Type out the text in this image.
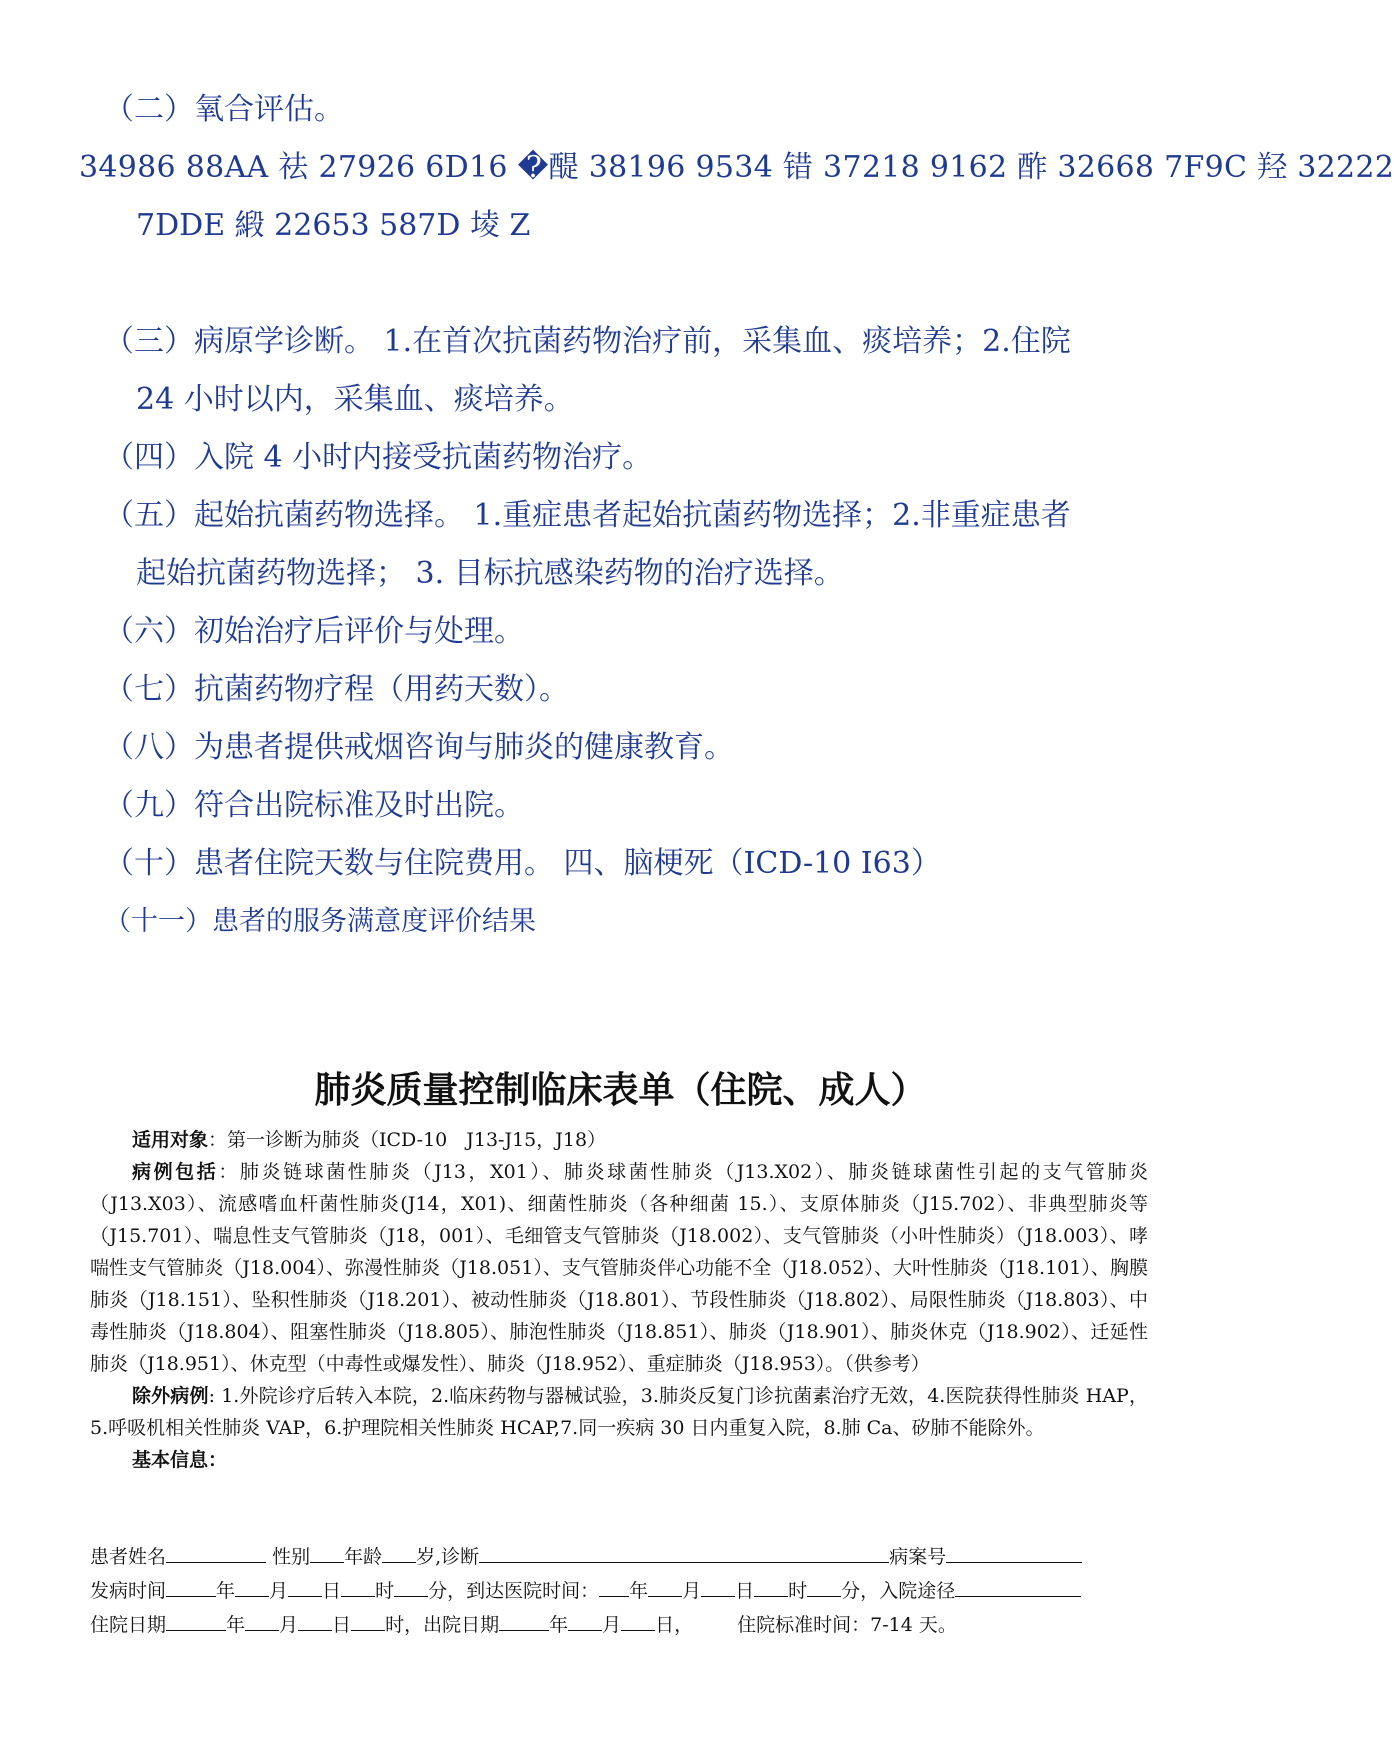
（二）氧合评估。
34986 88AA 祛 27926 6D16 �醍 38196 9534 错 37218 9162 酢 32668 7F9C 羟 32222
7DDE 緞 22653 587D 堎 Z
（三）病原学诊断。 1.在首次抗菌药物治疗前，采集血、痰培养；2.住院
24 小时以内，采集血、痰培养。
（四）入院 4 小时内接受抗菌药物治疗。
（五）起始抗菌药物选择。 1.重症患者起始抗菌药物选择；2.非重症患者
起始抗菌药物选择； 3. 目标抗感染药物的治疗选择。
（六）初始治疗后评价与处理。
（七）抗菌药物疗程（用药天数）。
（八）为患者提供戒烟咨询与肺炎的健康教育。
（九）符合出院标准及时出院。
（十）患者住院天数与住院费用。 四、脑梗死（ICD-10 I63）
（十一）患者的服务满意度评价结果
肺炎质量控制临床表单（住院、成人）

适用对象：第一诊断为肺炎（ICD-10　J13-J15，J18）

病例包括：肺炎链球菌性肺炎（J13，X01）、肺炎球菌性肺炎（J13.X02）、肺炎链球菌性引起的支气管肺炎（J13.X03）、流感嗜血杆菌性肺炎(J14，X01)、细菌性肺炎（各种细菌 15.）、支原体肺炎（J15.702）、非典型肺炎等（J15.701）、喘息性支气管肺炎（J18，001）、毛细管支气管肺炎（J18.002）、支气管肺炎（小叶性肺炎）（J18.003）、哮喘性支气管肺炎（J18.004）、弥漫性肺炎（J18.051）、支气管肺炎伴心功能不全（J18.052）、大叶性肺炎（J18.101）、胸膜肺炎（J18.151）、坠积性肺炎（J18.201）、被动性肺炎（J18.801）、节段性肺炎（J18.802）、局限性肺炎（J18.803）、中毒性肺炎（J18.804）、阻塞性肺炎（J18.805）、肺泡性肺炎（J18.851）、肺炎（J18.901）、肺炎休克（J18.902）、迁延性肺炎（J18.951）、休克型（中毒性或爆发性）、肺炎（J18.952）、重症肺炎（J18.953）。（供参考）

除外病例: 1.外院诊疗后转入本院，2.临床药物与器械试验，3.肺炎反复门诊抗菌素治疗无效，4.医院获得性肺炎 HAP，5.呼吸机相关性肺炎 VAP，6.护理院相关性肺炎 HCAP,7.同一疾病 30 日内重复入院，8.肺 Ca、矽肺不能除外。

基本信息：

患者姓名	性别 年龄 岁,诊断	病案号
发病时间	年 月 日 时 分，到达医院时间： 年 月 日 时 分，入院途径
住院日期	年 月 日 时，出院日期	年 月 日， 住院标准时间：7-14 天。
